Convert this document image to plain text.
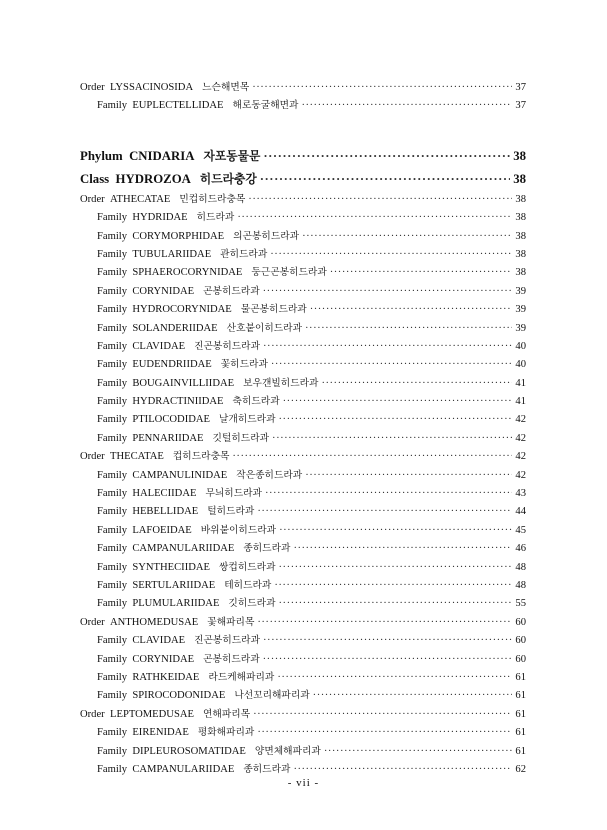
Order  LYSSACINOSIDA 느슨해면목 ·····	37
Family  EUPLECTELLIDAE 해로동굴해면과 ·····	37
Phylum  CNIDARIA 자포동물문 ·····	38
Class  HYDROZOA 히드라충강 ·····	38
Order  ATHECATAE 민컵히드라충목 ·····	38
Family  HYDRIDAE 히드라과 ·····	38
Family  CORYMORPHIDAE 의곤봉히드라과 ·····	38
Family  TUBULARIIDAE 관히드라과 ·····	38
Family  SPHAEROCORYNIDAE 둥근곤봉히드라과 ·····	38
Family  CORYNIDAE 곤봉히드라과 ·····	39
Family  HYDROCORYNIDAE 물곤봉히드라과 ·····	39
Family  SOLANDERIIDAE 산호붙이히드라과 ·····	39
Family  CLAVIDAE 진곤봉히드라과 ·····	40
Family  EUDENDRIIDAE 꽃히드라과 ·····	40
Family  BOUGAINVILLIIDAE 보우갠빌히드라과 ·····	41
Family  HYDRACTINIIDAE 축히드라과 ·····	41
Family  PTILOCODIDAE 날개히드라과 ·····	42
Family  PENNARIIDAE 깃털히드라과 ·····	42
Order  THECATAE 컵히드라충목 ·····	42
Family  CAMPANULINIDAE 작은종히드라과 ·····	42
Family  HALECIIDAE 무늬히드라과 ·····	43
Family  HEBELLIDAE 털히드라과 ·····	44
Family  LAFOEIDAE 바위붙이히드라과 ·····	45
Family  CAMPANULARIIDAE 종히드라과 ·····	46
Family  SYNTHECIIDAE 쌍컵히드라과 ·····	48
Family  SERTULARIIDAE 테히드라과 ·····	48
Family  PLUMULARIIDAE 깃히드라과 ·····	55
Order  ANTHOMEDUSAE 꽃해파리목 ·····	60
Family  CLAVIDAE 진곤봉히드라과 ·····	60
Family  CORYNIDAE 곤봉히드라과 ·····	60
Family  RATHKEIDAE 라드케해파리과 ·····	61
Family  SPIROCODONIDAE 나선꼬리해파리과 ·····	61
Order  LEPTOMEDUSAE 연해파리목 ·····	61
Family  EIRENIDAE 평화해파리과 ·····	61
Family  DIPLEUROSOMATIDAE 양면체해파리과 ·····	61
Family  CAMPANULARIIDAE 종히드라과 ·····	62
- vii -
